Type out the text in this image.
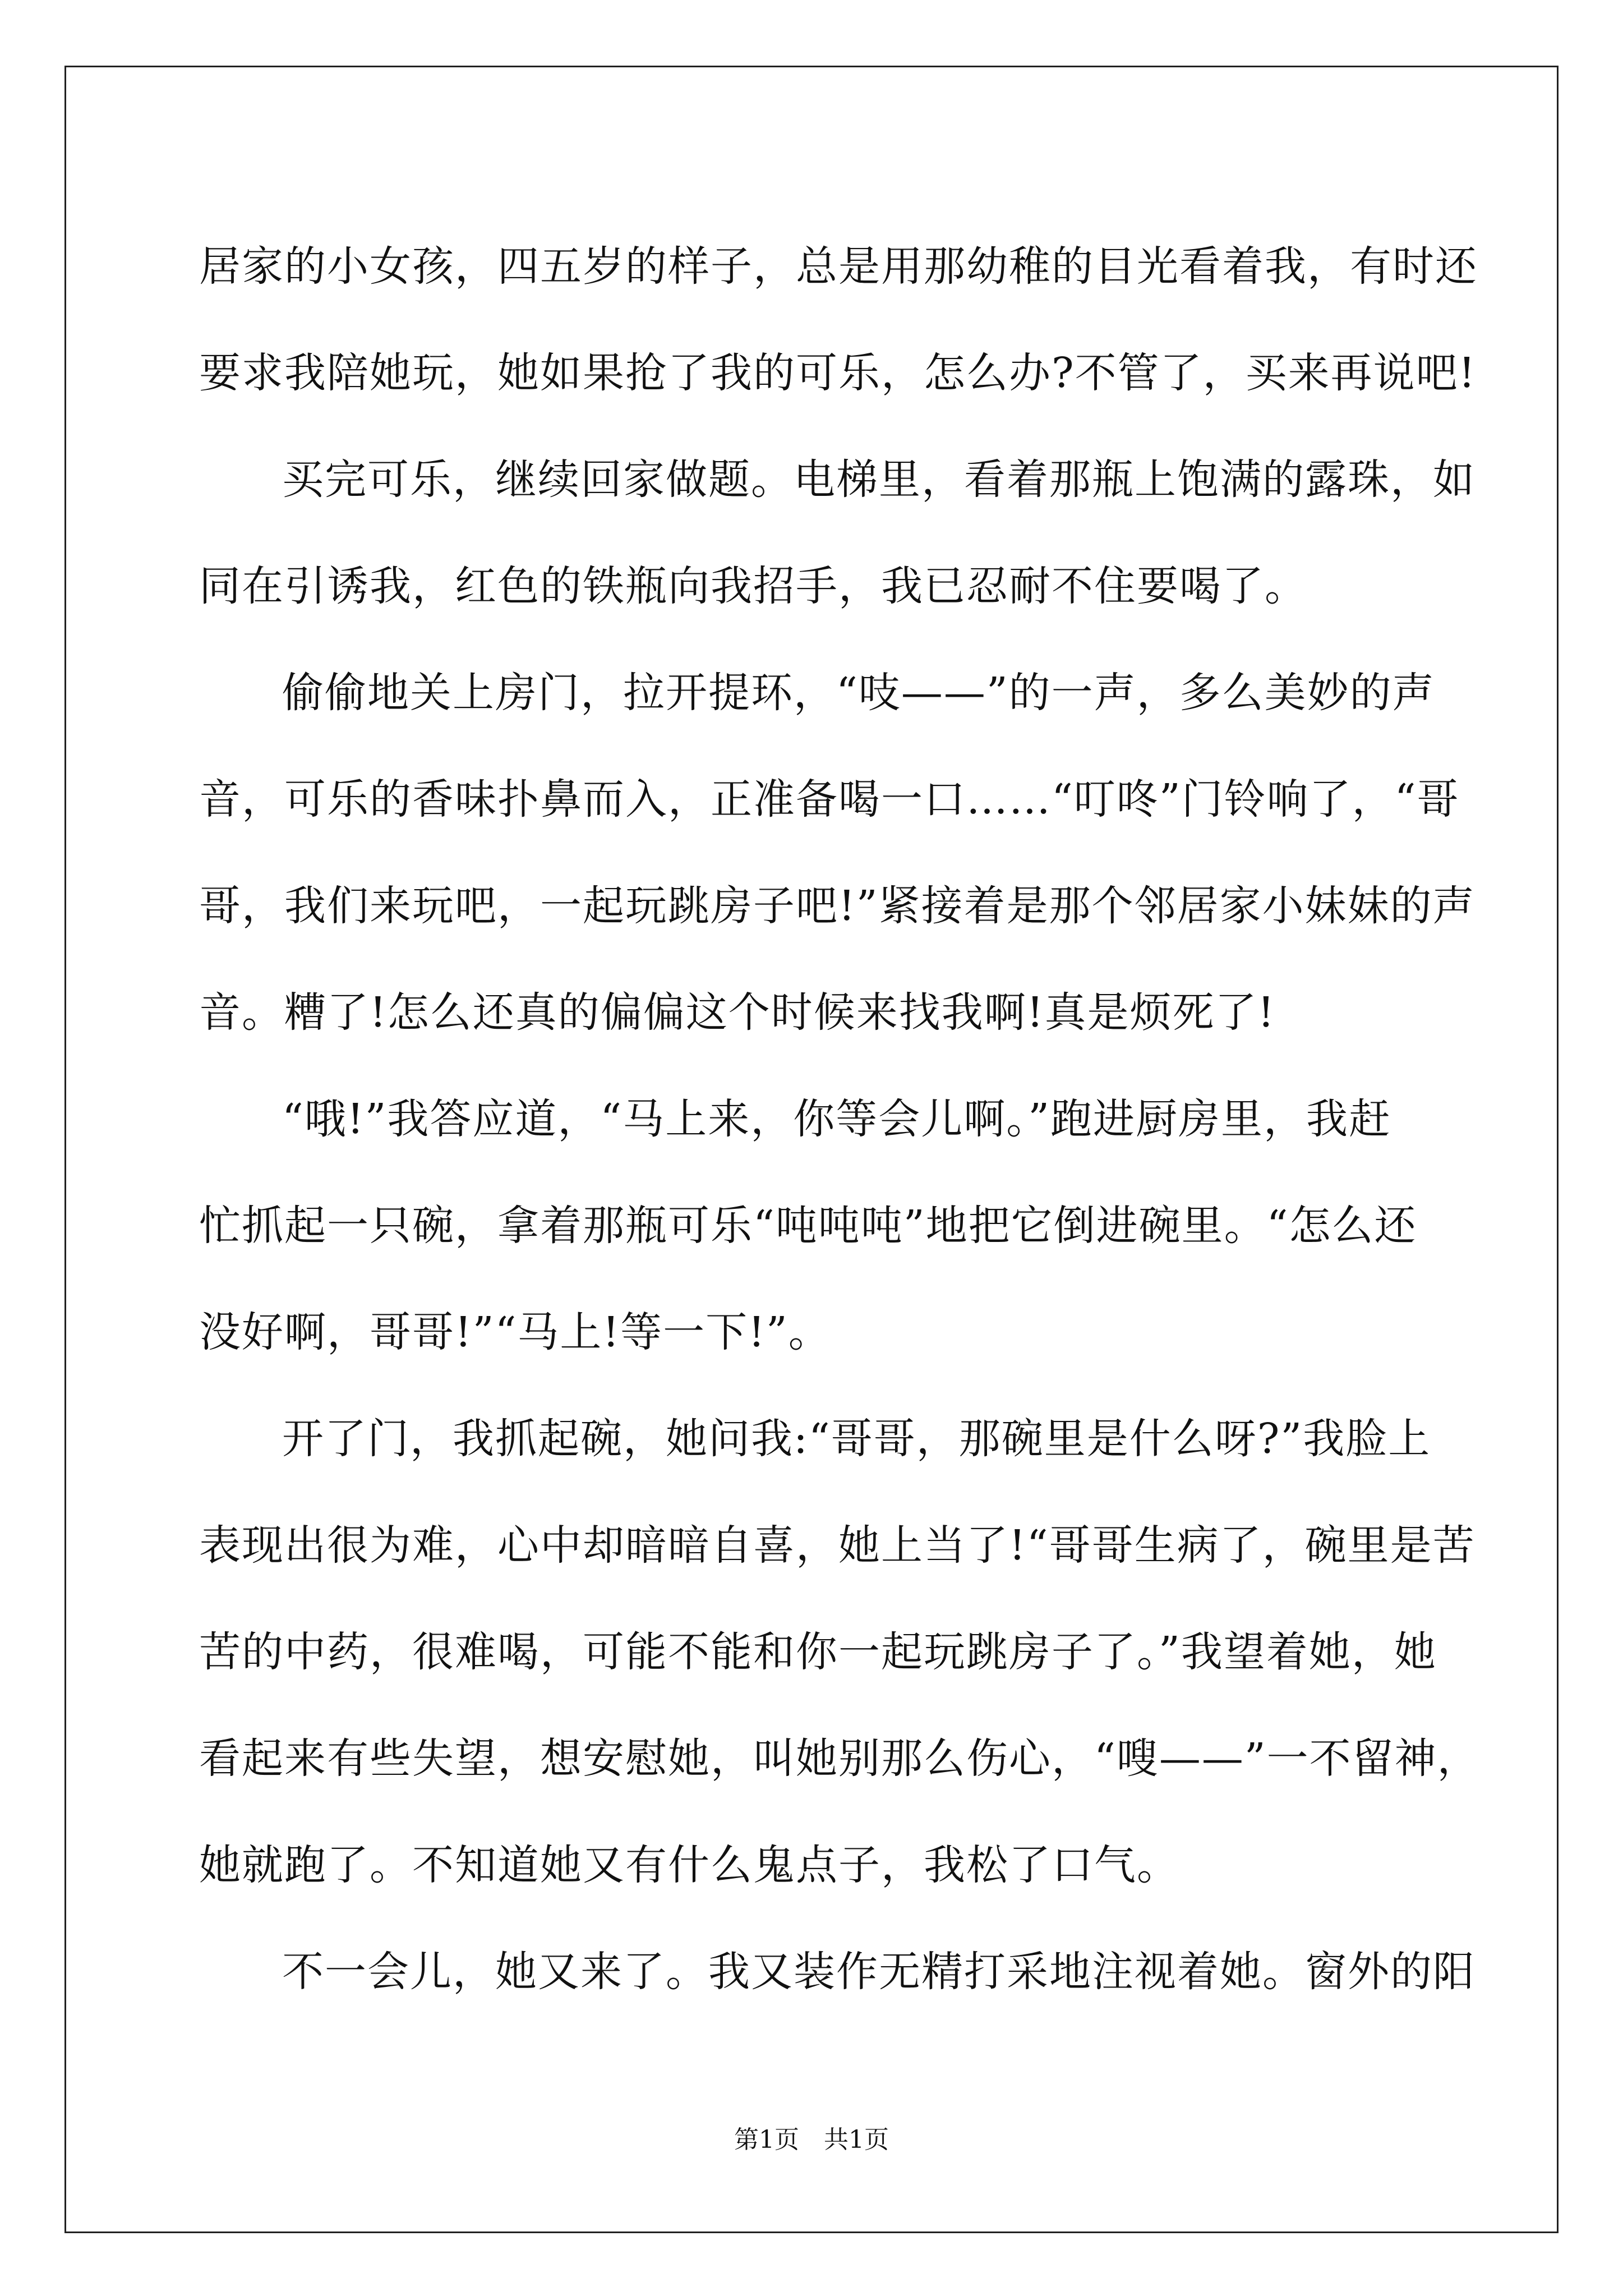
居家的小女孩，四五岁的样子，总是用那幼稚的目光看着我，有时还
要求我陪她玩，她如果抢了我的可乐，怎么办?不管了，买来再说吧!
买完可乐，继续回家做题。电梯里，看着那瓶上饱满的露珠，如
同在引诱我，红色的铁瓶向我招手，我已忍耐不住要喝了。
偷偷地关上房门，拉开提环，“吱——”的一声，多么美妙的声
音，可乐的香味扑鼻而入，正准备喝一口……“叮咚”门铃响了，“哥
哥，我们来玩吧，一起玩跳房子吧!”紧接着是那个邻居家小妹妹的声
音。糟了!怎么还真的偏偏这个时候来找我啊!真是烦死了!
“哦!”我答应道，“马上来，你等会儿啊。”跑进厨房里，我赶
忙抓起一只碗，拿着那瓶可乐“吨吨吨”地把它倒进碗里。“怎么还
没好啊，哥哥!”“马上!等一下!”。
开了门，我抓起碗，她问我:“哥哥，那碗里是什么呀?”我脸上
表现出很为难，心中却暗暗自喜，她上当了!“哥哥生病了，碗里是苦
苦的中药，很难喝，可能不能和你一起玩跳房子了。”我望着她，她
看起来有些失望，想安慰她，叫她别那么伤心，“嗖——”一不留神，
她就跑了。不知道她又有什么鬼点子，我松了口气。
不一会儿，她又来了。我又装作无精打采地注视着她。窗外的阳
第1页　共1页
